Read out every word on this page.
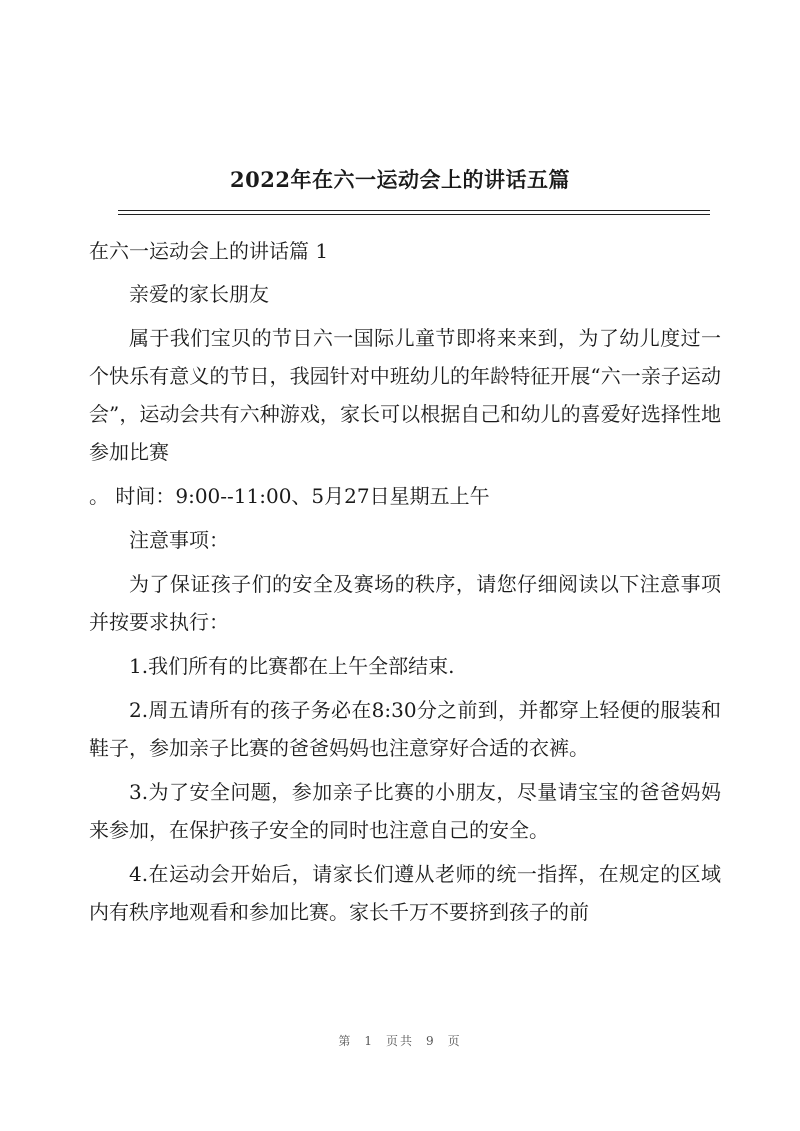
2022年在六一运动会上的讲话五篇

在六一运动会上的讲话篇 1

亲爱的家长朋友

属于我们宝贝的节日六一国际儿童节即将来来到，为了幼儿度过一个快乐有意义的节日，我园针对中班幼儿的年龄特征开展“六一亲子运动会”，运动会共有六种游戏，家长可以根据自己和幼儿的喜爱好选择性地参加比赛

。 时间：9:00--11:00、5月27日星期五上午

注意事项：

为了保证孩子们的安全及赛场的秩序，请您仔细阅读以下注意事项并按要求执行：

1.我们所有的比赛都在上午全部结束.

2.周五请所有的孩子务必在8:30分之前到，并都穿上轻便的服装和鞋子，参加亲子比赛的爸爸妈妈也注意穿好合适的衣裤。

3.为了安全问题，参加亲子比赛的小朋友，尽量请宝宝的爸爸妈妈来参加，在保护孩子安全的同时也注意自己的安全。

4.在运动会开始后，请家长们遵从老师的统一指挥，在规定的区域内有秩序地观看和参加比赛。家长千万不要挤到孩子的前

第 1 页共 9 页
